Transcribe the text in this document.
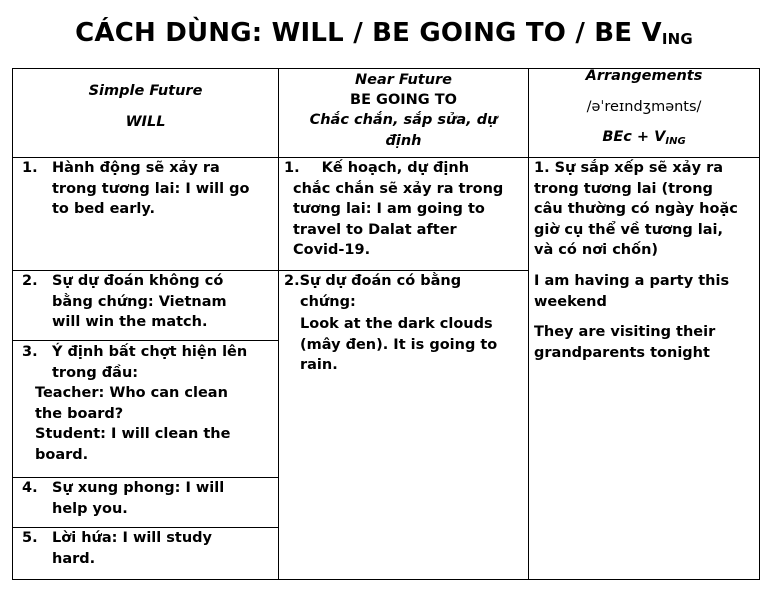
CÁCH DÙNG: WILL / BE GOING TO / BE $V_{ING}$
Simple Future
WILL
Near Future
BE GOING TO
Chắc chắn, sắp sửa, dự
định
Arrangements
/əˈreɪndʒmənts/
BEc + $V_{ING}$
1. Hành động sẽ xảy ra
trong tương lai: I will go
to bed early.
2. Sự dự đoán không có
bằng chứng: Vietnam
will win the match.
3. Ý định bất chợt hiện lên
trong đầu:
Teacher: Who can clean
the board?
Student: I will clean the
board.
4. Sự xung phong: I will
help you.
5. Lời hứa: I will study
hard.
1. Kế hoạch, dự định
chắc chắn sẽ xảy ra trong
tương lai: I am going to
travel to Dalat after
Covid-19.
2.Sự dự đoán có bằng
chứng:
Look at the dark clouds
(mây đen). It is going to
rain.
1. Sự sắp xếp sẽ xảy ra
trong tương lai (trong
câu thường có ngày hoặc
giờ cụ thể về tương lai,
và có nơi chốn)
I am having a party this
weekend
They are visiting their
grandparents tonight
